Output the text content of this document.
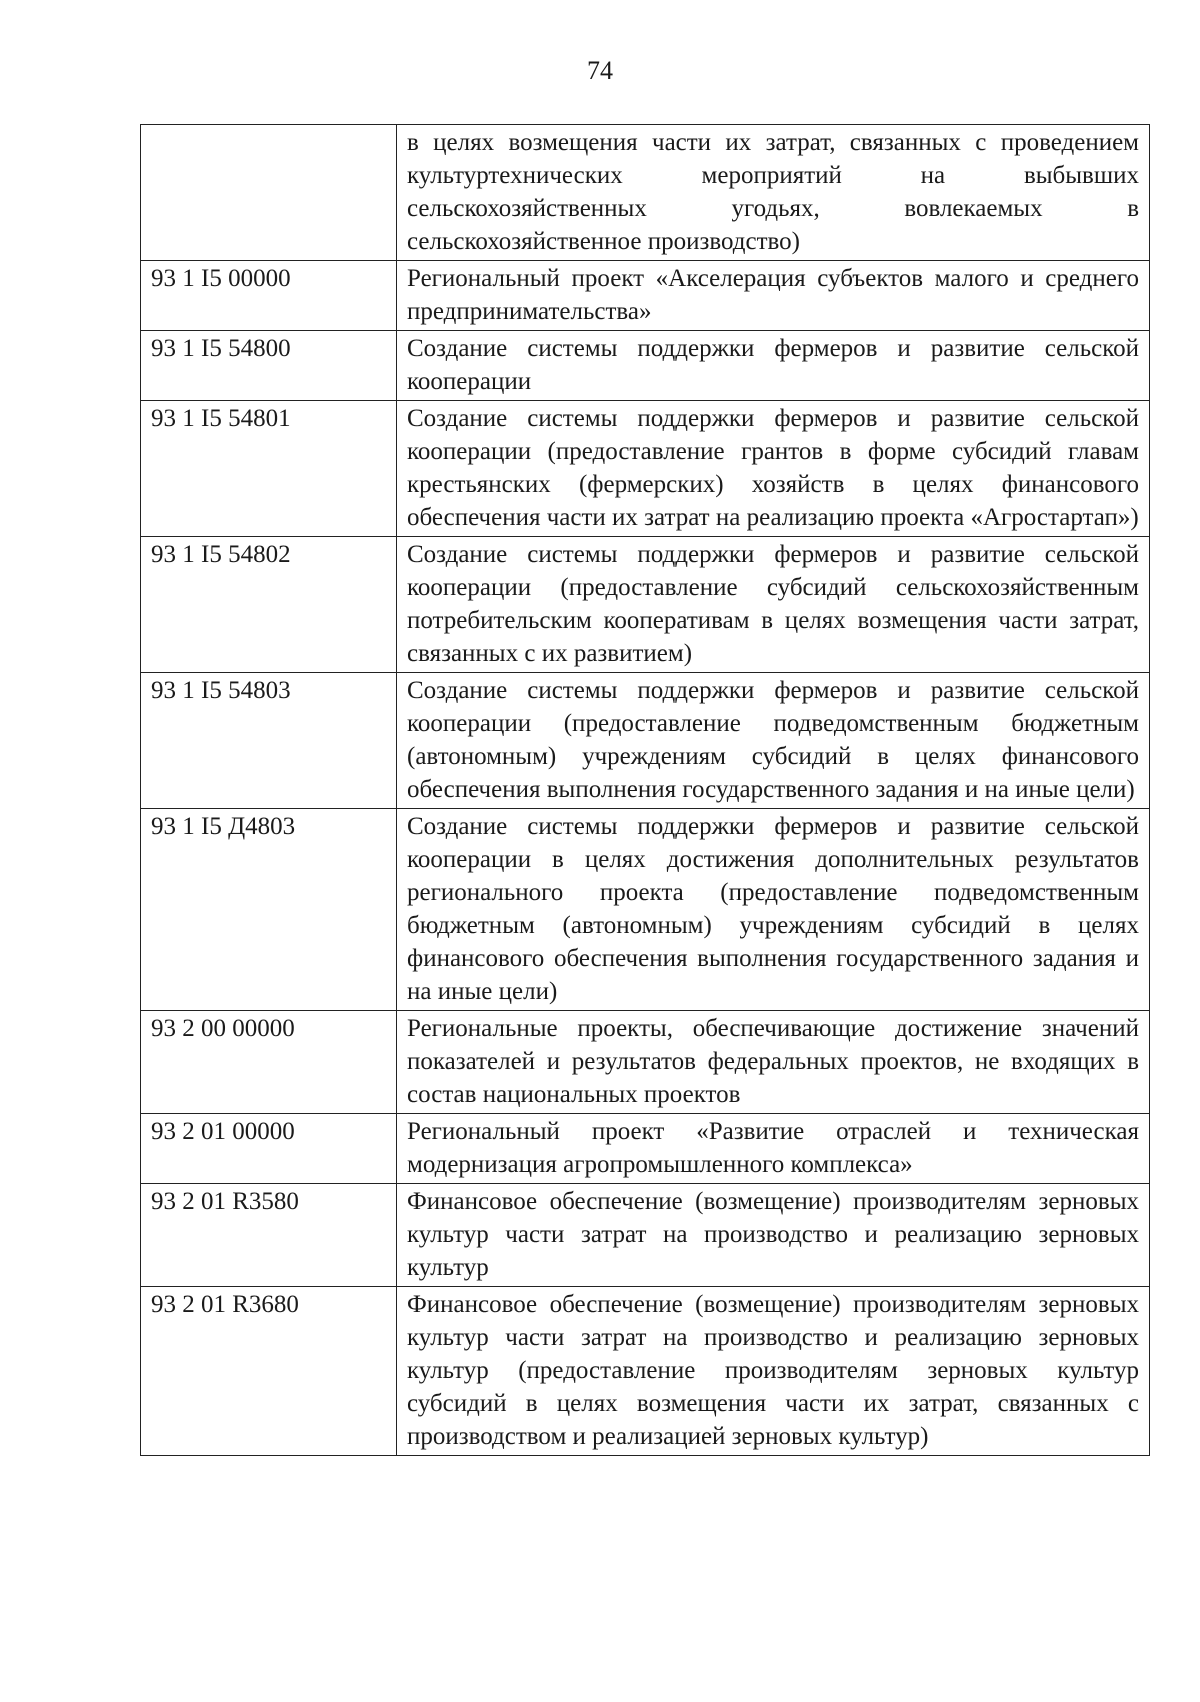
74
	в целях возмещения части их затрат, связанных с проведением культуртехнических мероприятий на выбывших сельскохозяйственных угодьях, вовлекаемых в сельскохозяйственное производство)
93 1 I5 00000	Региональный проект «Акселерация субъектов малого и среднего предпринимательства»
93 1 I5 54800	Создание системы поддержки фермеров и развитие сельской кооперации
93 1 I5 54801	Создание системы поддержки фермеров и развитие сельской кооперации (предоставление грантов в форме субсидий главам крестьянских (фермерских) хозяйств в целях финансового обеспечения части их затрат на реализацию проекта «Агростартап»)
93 1 I5 54802	Создание системы поддержки фермеров и развитие сельской кооперации (предоставление субсидий сельскохозяйственным потребительским кооперативам в целях возмещения части затрат, связанных с их развитием)
93 1 I5 54803	Создание системы поддержки фермеров и развитие сельской кооперации (предоставление подведомственным бюджетным (автономным) учреждениям субсидий в целях финансового обеспечения выполнения государственного задания и на иные цели)
93 1 I5 Д4803	Создание системы поддержки фермеров и развитие сельской кооперации в целях достижения дополнительных результатов регионального проекта (предоставление подведомственным бюджетным (автономным) учреждениям субсидий в целях финансового обеспечения выполнения государственного задания и на иные цели)
93 2 00 00000	Региональные проекты, обеспечивающие достижение значений показателей и результатов федеральных проектов, не входящих в состав национальных проектов
93 2 01 00000	Региональный проект «Развитие отраслей и техническая модернизация агропромышленного комплекса»
93 2 01 R3580	Финансовое обеспечение (возмещение) производителям зерновых культур части затрат на производство и реализацию зерновых культур
93 2 01 R3680	Финансовое обеспечение (возмещение) производителям зерновых культур части затрат на производство и реализацию зерновых культур (предоставление производителям зерновых культур субсидий в целях возмещения части их затрат, связанных с производством и реализацией зерновых культур)
